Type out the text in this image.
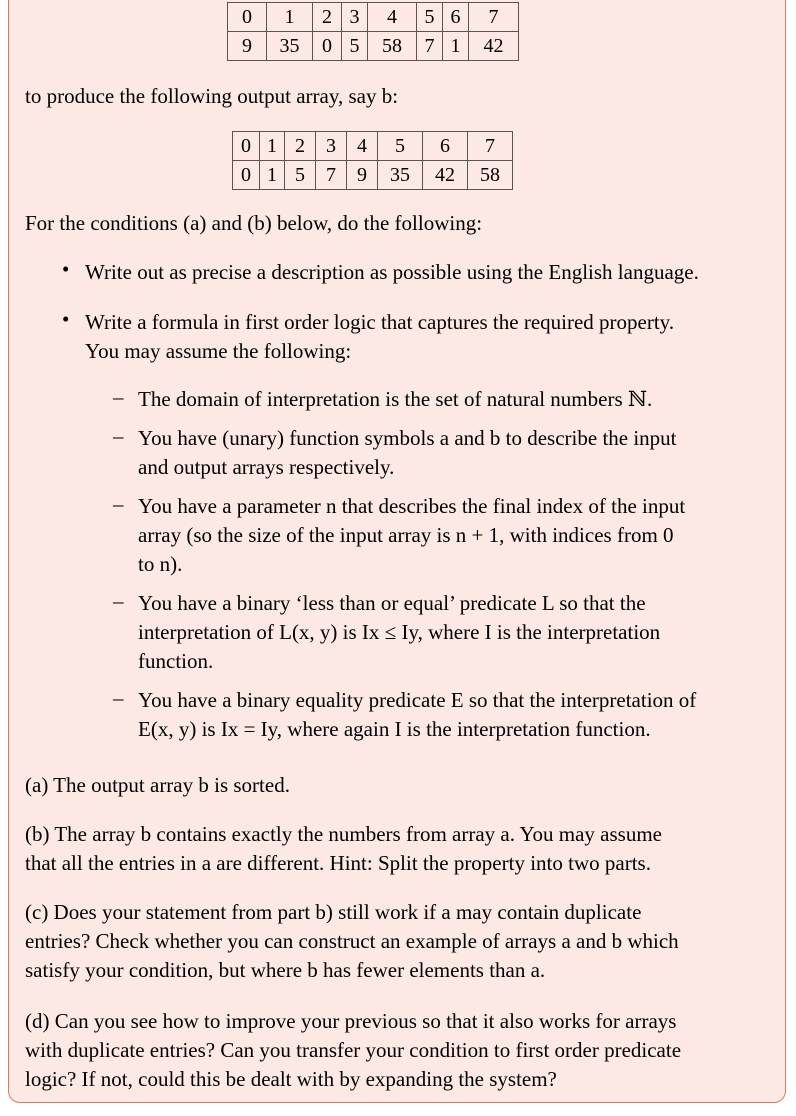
0	1	2	3	4	5	6	7
9	35	0	5	58	7	1	42

to produce the following output array, say b:

0	1	2	3	4	5	6	7
0	1	5	7	9	35	42	58

For the conditions (a) and (b) below, do the following:

• Write out as precise a description as possible using the English language.

• Write a formula in first order logic that captures the required property.

You may assume the following:

– The domain of interpretation is the set of natural numbers ℕ.

– You have (unary) function symbols a and b to describe the input

and output arrays respectively.

– You have a parameter n that describes the final index of the input

array (so the size of the input array is n + 1, with indices from 0

to n).

– You have a binary ‘less than or equal’ predicate L so that the

interpretation of L(x, y) is Ix ≤ Iy, where I is the interpretation

function.

– You have a binary equality predicate E so that the interpretation of

E(x, y) is Ix = Iy, where again I is the interpretation function.

(a) The output array b is sorted.

(b) The array b contains exactly the numbers from array a. You may assume

that all the entries in a are different. Hint: Split the property into two parts.

(c) Does your statement from part b) still work if a may contain duplicate

entries? Check whether you can construct an example of arrays a and b which

satisfy your condition, but where b has fewer elements than a.

(d) Can you see how to improve your previous so that it also works for arrays

with duplicate entries? Can you transfer your condition to first order predicate

logic? If not, could this be dealt with by expanding the system?
